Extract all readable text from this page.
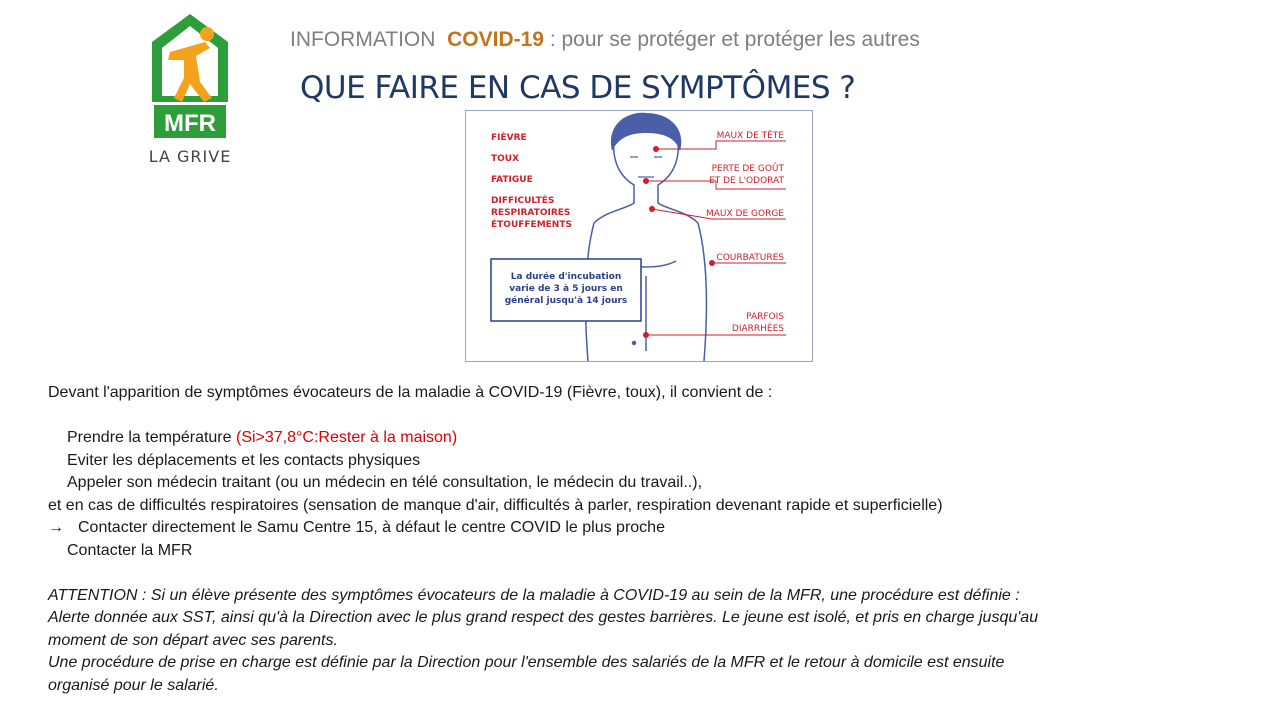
MFR
LA GRIVE
INFORMATION COVID-19 : pour se protéger et protéger les autres
QUE FAIRE EN CAS DE SYMPTÔMES ?
FIÈVRE
TOUX
FATIGUE
DIFFICULTÉS
RESPIRATOIRES
ÉTOUFFEMENTS
MAUX DE TÊTE
PERTE DE GOÛT
ET DE L'ODORAT
MAUX DE GORGE
COURBATURES
PARFOIS
DIARRHÉES
La durée d'incubation
varie de 3 à 5 jours en
général jusqu'à 14 jours
Devant l'apparition de symptômes évocateurs de la maladie à COVID-19 (Fièvre, toux), il convient de :
Prendre la température (Si>37,8°C:Rester à la maison)
Eviter les déplacements et les contacts physiques
Appeler son médecin traitant (ou un médecin en télé consultation, le médecin du travail..),
et en cas de difficultés respiratoires (sensation de manque d'air, difficultés à parler, respiration devenant rapide et superficielle)
→ Contacter directement le Samu Centre 15, à défaut le centre COVID le plus proche
Contacter la MFR
ATTENTION : Si un élève présente des symptômes évocateurs de la maladie à COVID-19 au sein de la MFR, une procédure est définie :
Alerte donnée aux SST, ainsi qu'à la Direction avec le plus grand respect des gestes barrières. Le jeune est isolé, et pris en charge jusqu'au
moment de son départ avec ses parents.
Une procédure de prise en charge est définie par la Direction pour l'ensemble des salariés de la MFR et le retour à domicile est ensuite
organisé pour le salarié.
